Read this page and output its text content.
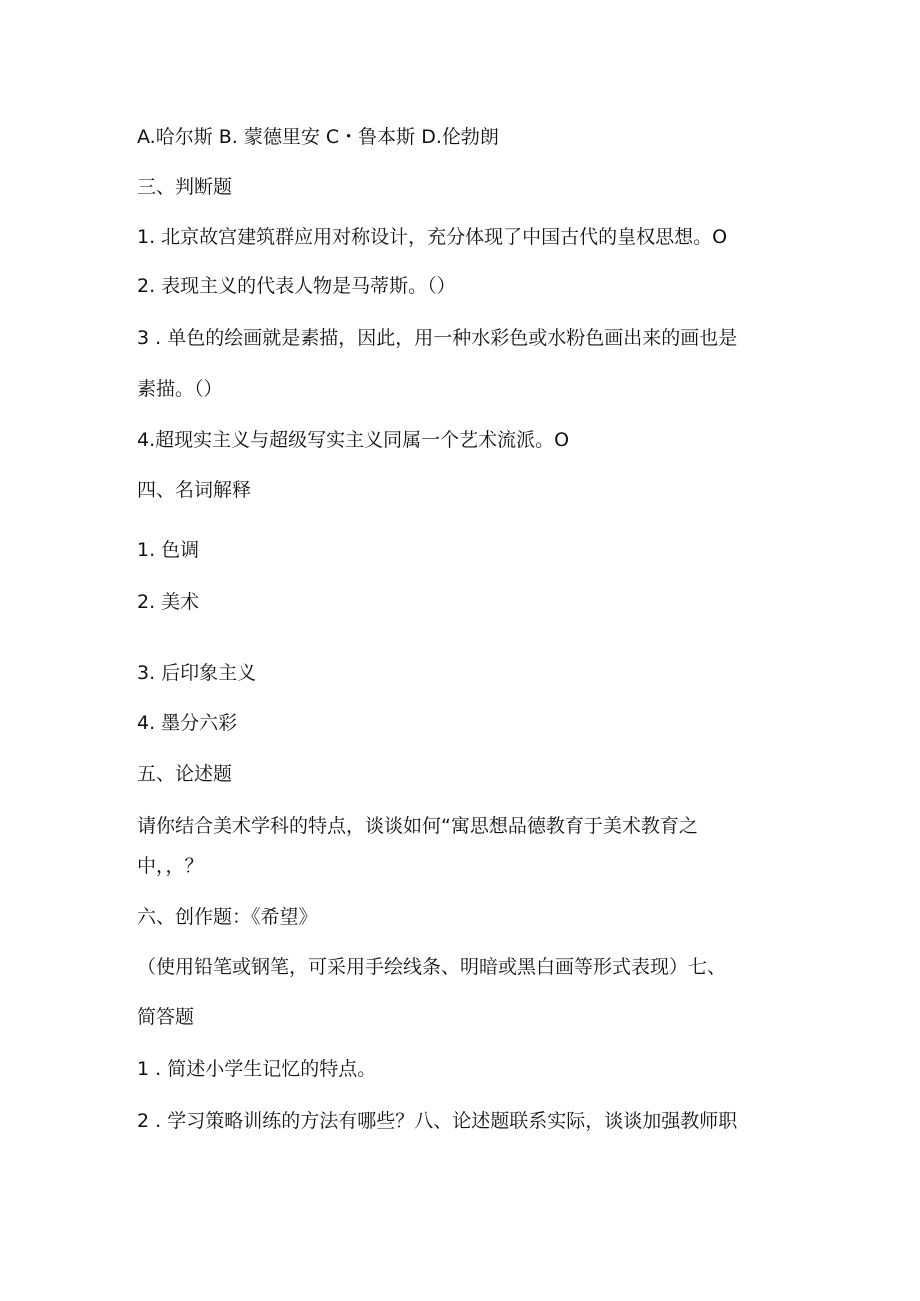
A.哈尔斯 B. 蒙德里安 C・鲁本斯 D.伦勃朗

三、判断题

1. 北京故宫建筑群应用对称设计，充分体现了中国古代的皇权思想。O

2. 表现主义的代表人物是马蒂斯。（）

3 . 单色的绘画就是素描，因此，用一种水彩色或水粉色画出来的画也是

素描。（）

4.超现实主义与超级写实主义同属一个艺术流派。O

四、名词解释

1. 色调

2. 美术

3. 后印象主义

4. 墨分六彩

五、论述题

请你结合美术学科的特点，谈谈如何“寓思想品德教育于美术教育之

中，，？

六、创作题：《希望》

（使用铅笔或钢笔，可采用手绘线条、明暗或黑白画等形式表现）七、

简答题

1 . 简述小学生记忆的特点。

2 . 学习策略训练的方法有哪些？八、论述题联系实际，谈谈加强教师职
